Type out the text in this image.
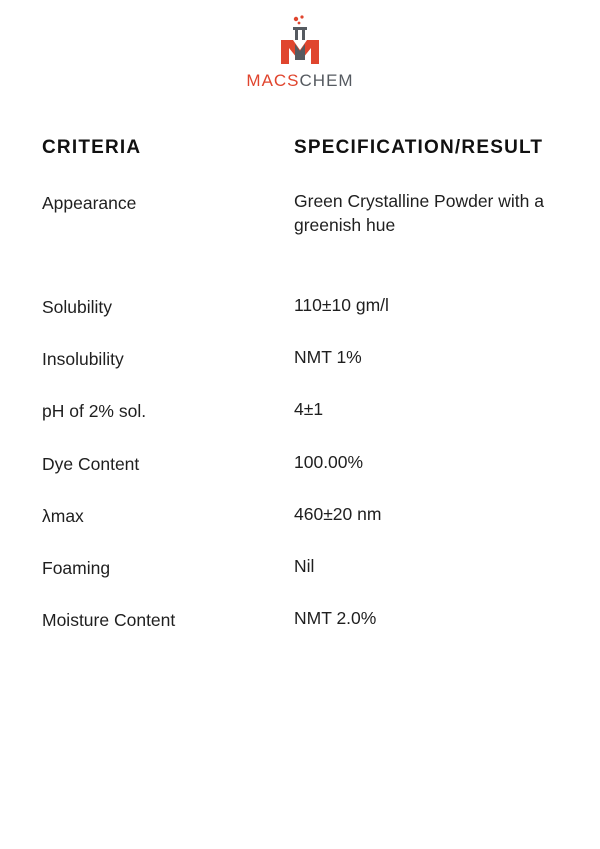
MACSCHEM
CRITERIA	SPECIFICATION/RESULT
Appearance	Green Crystalline Powder with a greenish hue
Solubility	110±10 gm/l
Insolubility	NMT 1%
pH of 2% sol.	4±1
Dye Content	100.00%
λmax	460±20 nm
Foaming	Nil
Moisture Content	NMT 2.0%
